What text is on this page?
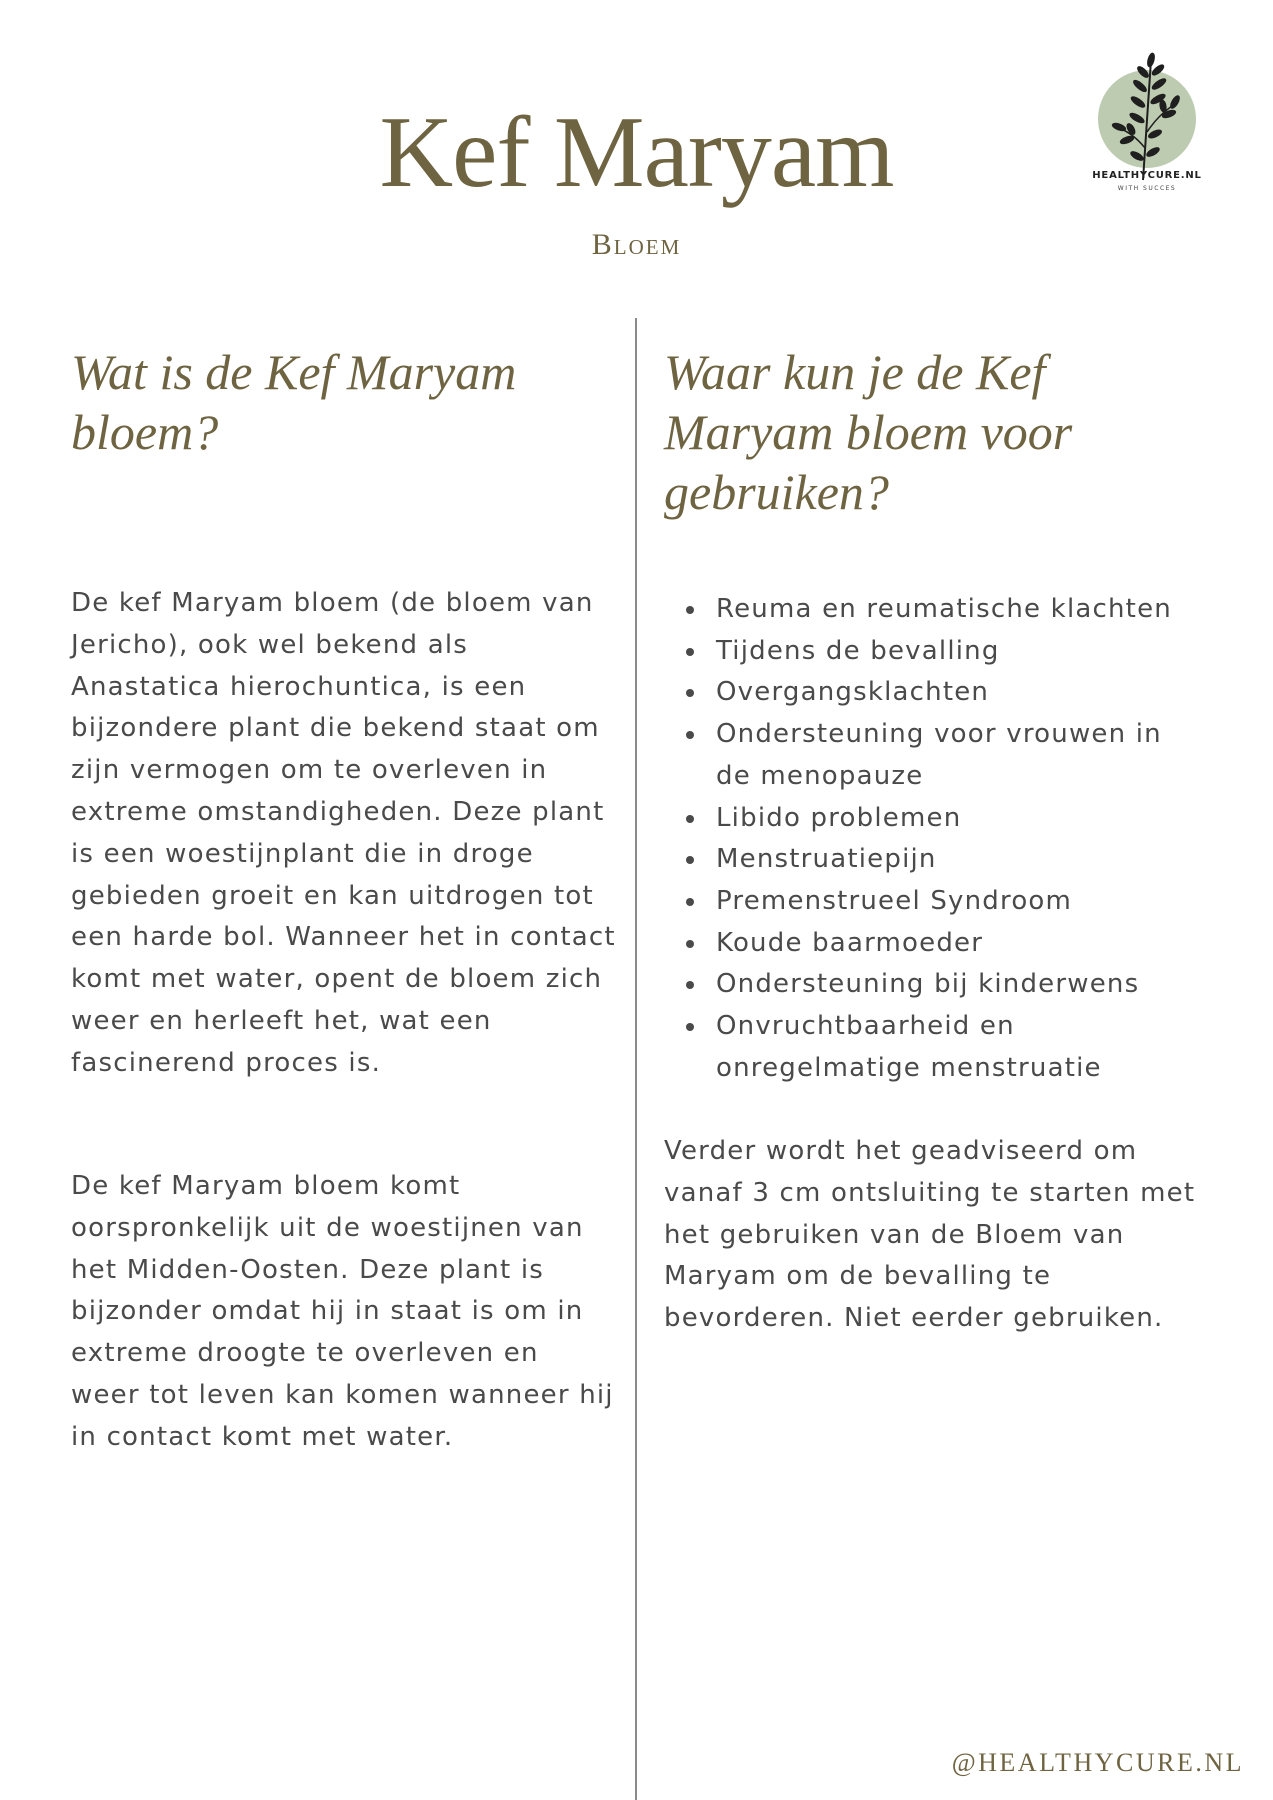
Kef Maryam
Bloem
HEALTHYCURE.NL
WITH SUCCES
Wat is de Kef Maryam bloem?

De kef Maryam bloem (de bloem van Jericho), ook wel bekend als Anastatica hierochuntica, is een bijzondere plant die bekend staat om zijn vermogen om te overleven in extreme omstandigheden. Deze plant is een woestijnplant die in droge gebieden groeit en kan uitdrogen tot een harde bol. Wanneer het in contact komt met water, opent de bloem zich weer en herleeft het, wat een fascinerend proces is.

De kef Maryam bloem komt oorspronkelijk uit de woestijnen van het Midden-Oosten. Deze plant is bijzonder omdat hij in staat is om in extreme droogte te overleven en weer tot leven kan komen wanneer hij in contact komt met water.

Waar kun je de Kef Maryam bloem voor gebruiken?
Reuma en reumatische klachten
Tijdens de bevalling
Overgangsklachten
Ondersteuning voor vrouwen in de menopauze
Libido problemen
Menstruatiepijn
Premenstrueel Syndroom
Koude baarmoeder
Ondersteuning bij kinderwens
Onvruchtbaarheid en onregelmatige menstruatie

Verder wordt het geadviseerd om vanaf 3 cm ontsluiting te starten met het gebruiken van de Bloem van Maryam om de bevalling te bevorderen. Niet eerder gebruiken.

@HEALTHYCURE.NL
